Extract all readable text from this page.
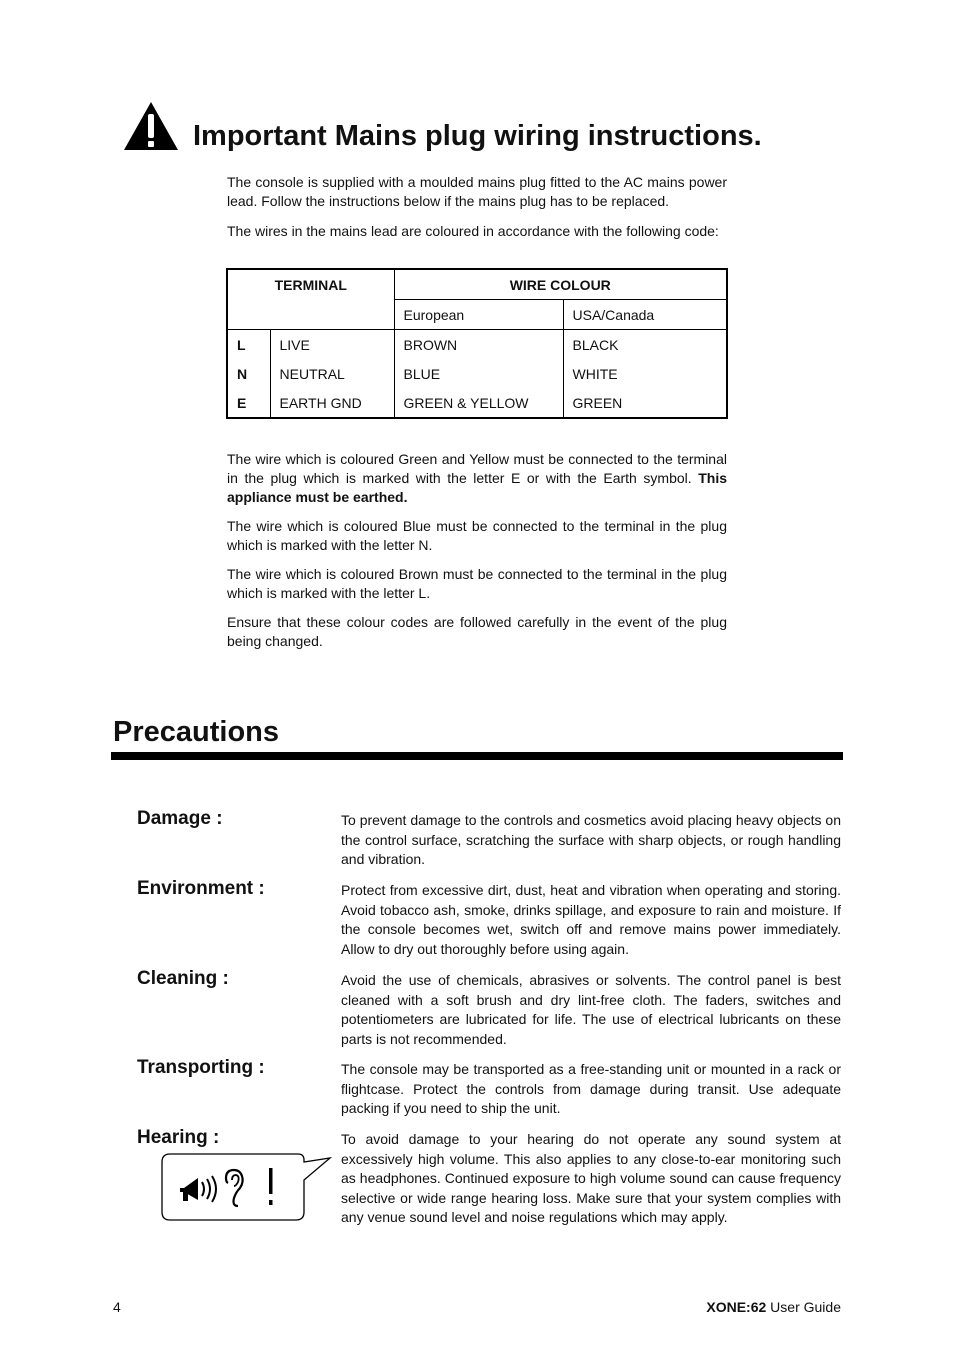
Important Mains plug wiring instructions.

The console is supplied with a moulded mains plug fitted to the AC mains power lead. Follow the instructions below if the mains plug has to be replaced.

The wires in the mains lead are coloured in accordance with the following code:

TERMINAL		WIRE COLOUR	
		European	USA/Canada
L	LIVE	BROWN	BLACK
N	NEUTRAL	BLUE	WHITE
E	EARTH GND	GREEN & YELLOW	GREEN

The wire which is coloured Green and Yellow must be connected to the terminal in the plug which is marked with the letter E or with the Earth symbol. This appliance must be earthed.

The wire which is coloured Blue must be connected to the terminal in the plug which is marked with the letter N.

The wire which is coloured Brown must be connected to the terminal in the plug which is marked with the letter L.

Ensure that these colour codes are followed carefully in the event of the plug being changed.

Precautions
Damage :	To prevent damage to the controls and cosmetics avoid placing heavy objects on the control surface, scratching the surface with sharp objects, or rough handling and vibration.

Environment :	Protect from excessive dirt, dust, heat and vibration when operating and storing. Avoid tobacco ash, smoke, drinks spillage, and exposure to rain and moisture. If the console becomes wet, switch off and remove mains power immediately. Allow to dry out thoroughly before using again.

Cleaning :	Avoid the use of chemicals, abrasives or solvents. The control panel is best cleaned with a soft brush and dry lint-free cloth. The faders, switches and potentiometers are lubricated for life. The use of electrical lubricants on these parts is not recommended.

Transporting :	The console may be transported as a free-standing unit or mounted in a rack or flightcase. Protect the controls from damage during transit. Use adequate packing if you need to ship the unit.

Hearing :	To avoid damage to your hearing do not operate any sound system at excessively high volume. This also applies to any close-to-ear monitoring such as headphones. Continued exposure to high volume sound can cause frequency selective or wide range hearing loss. Make sure that your system complies with any venue sound level and noise regulations which may apply.

4	XONE:62 User Guide
